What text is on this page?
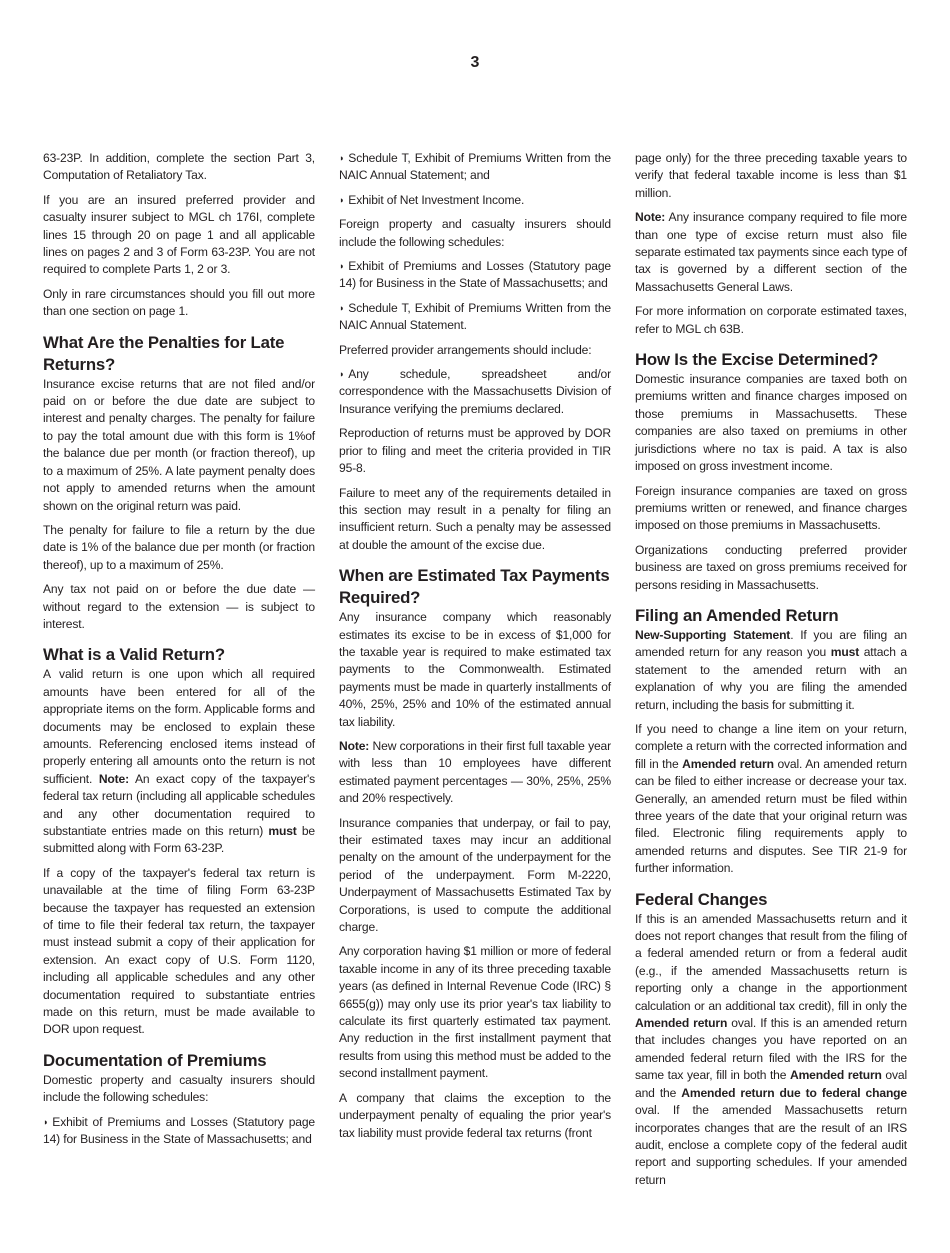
3

63-23P. In addition, complete the section Part 3, Computation of Retaliatory Tax.

If you are an insured preferred provider and casualty insurer subject to MGL ch 176I, complete lines 15 through 20 on page 1 and all applicable lines on pages 2 and 3 of Form 63-23P. You are not required to complete Parts 1, 2 or 3.

Only in rare circumstances should you fill out more than one section on page 1.

What Are the Penalties for Late Returns?

Insurance excise returns that are not filed and/or paid on or before the due date are subject to interest and penalty charges. The penalty for failure to pay the total amount due with this form is 1%of the balance due per month (or fraction thereof), up to a maximum of 25%. A late payment penalty does not apply to amended returns when the amount shown on the original return was paid.

The penalty for failure to file a return by the due date is 1% of the balance due per month (or fraction thereof), up to a maximum of 25%.

Any tax not paid on or before the due date — without regard to the extension — is subject to interest.

What is a Valid Return?

A valid return is one upon which all required amounts have been entered for all of the appropriate items on the form. Applicable forms and documents may be enclosed to explain these amounts. Referencing enclosed items instead of properly entering all amounts onto the return is not sufficient. Note: An exact copy of the taxpayer's federal tax return (including all applicable schedules and any other documentation required to substantiate entries made on this return) must be submitted along with Form 63-23P.

If a copy of the taxpayer's federal tax return is unavailable at the time of filing Form 63-23P because the taxpayer has requested an extension of time to file their federal tax return, the taxpayer must instead submit a copy of their application for extension. An exact copy of U.S. Form 1120, including all applicable schedules and any other documentation required to substantiate entries made on this return, must be made available to DOR upon request.

Documentation of Premiums

Domestic property and casualty insurers should include the following schedules:

◗ Exhibit of Premiums and Losses (Statutory page 14) for Business in the State of Massachusetts; and

◗ Schedule T, Exhibit of Premiums Written from the NAIC Annual Statement; and

◗ Exhibit of Net Investment Income.

Foreign property and casualty insurers should include the following schedules:

◗ Exhibit of Premiums and Losses (Statutory page 14) for Business in the State of Massachusetts; and

◗ Schedule T, Exhibit of Premiums Written from the NAIC Annual Statement.

Preferred provider arrangements should include:

◗ Any schedule, spreadsheet and/or correspondence with the Massachusetts Division of Insurance verifying the premiums declared.

Reproduction of returns must be approved by DOR prior to filing and meet the criteria provided in TIR 95-8.

Failure to meet any of the requirements detailed in this section may result in a penalty for filing an insufficient return. Such a penalty may be assessed at double the amount of the excise due.

When are Estimated Tax Payments Required?

Any insurance company which reasonably estimates its excise to be in excess of $1,000 for the taxable year is required to make estimated tax payments to the Commonwealth. Estimated payments must be made in quarterly installments of 40%, 25%, 25% and 10% of the estimated annual tax liability.

Note: New corporations in their first full taxable year with less than 10 employees have different estimated payment percentages — 30%, 25%, 25% and 20% respectively.

Insurance companies that underpay, or fail to pay, their estimated taxes may incur an additional penalty on the amount of the underpayment for the period of the underpayment. Form M-2220, Underpayment of Massachusetts Estimated Tax by Corporations, is used to compute the additional charge.

Any corporation having $1 million or more of federal taxable income in any of its three preceding taxable years (as defined in Internal Revenue Code (IRC) § 6655(g)) may only use its prior year's tax liability to calculate its first quarterly estimated tax payment. Any reduction in the first installment payment that results from using this method must be added to the second installment payment.

A company that claims the exception to the underpayment penalty of equaling the prior year's tax liability must provide federal tax returns (front

page only) for the three preceding taxable years to verify that federal taxable income is less than $1 million.

Note: Any insurance company required to file more than one type of excise return must also file separate estimated tax payments since each type of tax is governed by a different section of the Massachusetts General Laws.

For more information on corporate estimated taxes, refer to MGL ch 63B.

How Is the Excise Determined?

Domestic insurance companies are taxed both on premiums written and finance charges imposed on those premiums in Massachusetts. These companies are also taxed on premiums in other jurisdictions where no tax is paid. A tax is also imposed on gross investment income.

Foreign insurance companies are taxed on gross premiums written or renewed, and finance charges imposed on those premiums in Massachusetts.

Organizations conducting preferred provider business are taxed on gross premiums received for persons residing in Massachusetts.

Filing an Amended Return

New-Supporting Statement. If you are filing an amended return for any reason you must attach a statement to the amended return with an explanation of why you are filing the amended return, including the basis for submitting it.

If you need to change a line item on your return, complete a return with the corrected information and fill in the Amended return oval. An amended return can be filed to either increase or decrease your tax. Generally, an amended return must be filed within three years of the date that your original return was filed. Electronic filing requirements apply to amended returns and disputes. See TIR 21-9 for further information.

Federal Changes

If this is an amended Massachusetts return and it does not report changes that result from the filing of a federal amended return or from a federal audit (e.g., if the amended Massachusetts return is reporting only a change in the apportionment calculation or an additional tax credit), fill in only the Amended return oval. If this is an amended return that includes changes you have reported on an amended federal return filed with the IRS for the same tax year, fill in both the Amended return oval and the Amended return due to federal change oval. If the amended Massachusetts return incorporates changes that are the result of an IRS audit, enclose a complete copy of the federal audit report and supporting schedules. If your amended return
